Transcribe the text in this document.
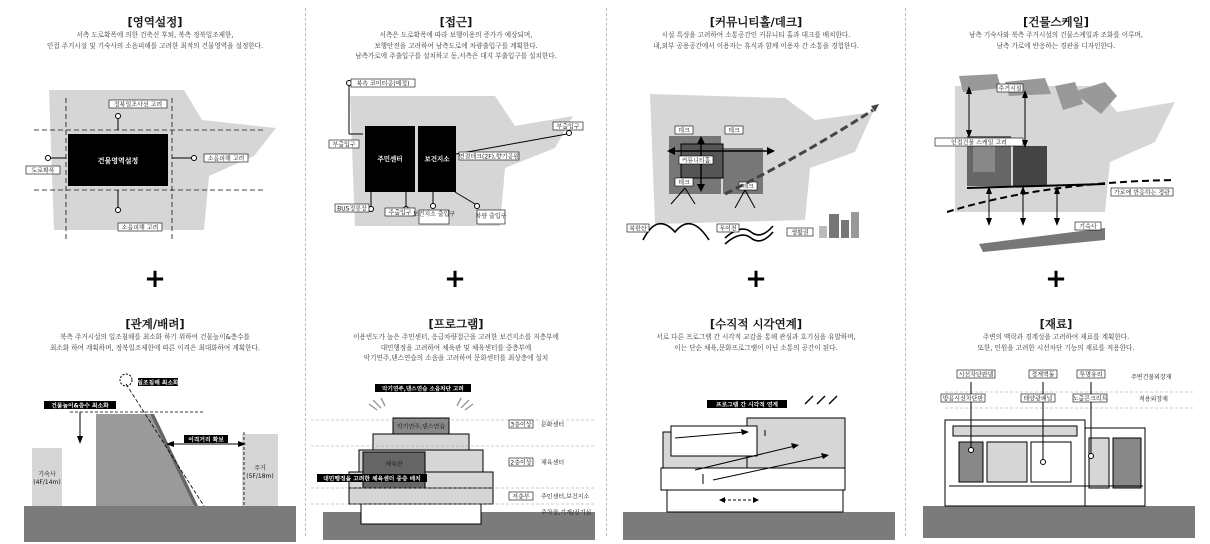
[영역설정]
서측 도로확폭에 의한 건축선 후퇴, 북측 정북일조제한,
인접 주거시설 및 기숙사의 소음피해를 고려한 최적의 건물영역을 설정한다.
건물영역설정
정북일조사선 고려
도로확폭
소음피해 고려
소음피해 고려
+
[접근]
서측은 도로확폭에 따라 보행이용의 증가가 예상되며,
보행안전을 고려하여 남측도로에 차량출입구를 계획한다.
남측가로에 주출입구를 설치하고 동,서측은 대지 부출입구를 설치한다.
주민센터	보건지소
북측 코미티공(예정)
부출입구
부출입구
연결데크(2F),향기공원
BUS정류장
주출입구 보건지소 출입구	차량 출입구
+
[커뮤니티홀/데크]
시설 특성을 고려하여 소통공간인 커뮤니티 홀과 데크를 배치한다.
내,외부 공용공간에서 이용자는 휴식과 함께 이용자 간 소통을 경험한다.
커뮤니티홀
데크	데크
데크
데크
북한산	우이천
생활권
+
[건물스케일]
남측 기숙사와 북측 주거시설의 건물스케일과 조화를 이루며,
남측 가로에 반응하는 경관을 디자인한다.
인접건물 스케일 고려
주거시설
가로에 반응하는 경관
기숙사
+
[관계/배려]
북측 주거시설의 일조침해를 최소화 하기 위하여 건물높이&층수를
최소화 하여 계획하며, 정북일조제한에 따른 이격은 최대화하여 계획한다.
기숙사
(4F/14m)
주거
(5F/18m)
일조침해 최소화
건물높이&층수 최소화
이격거리 확보
[프로그램]
이용빈도가 높은 주민센터, 응급차량접근을 고려한 보건지소를 저층부에
대민행정을 고려하여 체육관 및 체육센터를 중층부에
악기연주,댄스연습의 소음을 고려하여 문화센터를 최상층에 설치
악기연주,댄스연습
체육관
대민행정을 고려한 체육센터 중층 배치
악기연주,댄스연습 소음차단 고려
3층이상 문화센터
2층이상 체육센터
저층부 주민센터,보건지소
주차장,기계/전기실
[수직적 시각연계]
서로 다른 프로그램 간 시각적 교감을 통해 관심과 호기심을 유발하며,
이는 단순 체육,문화프로그램이 아닌 소통의 공간이 된다.
프로그램 간 시각적 연계
[재료]
주변의 맥락과 경계성을 고려하여 재료를 계획한다.
또한, 민원을 고려한 시선차단 기능의 재료를 적용한다.
시선차단판넬	경계벽돌	투명유리
방음시선차단판	태양광패널	노출콘크리트
주변건물외장재
적용외장재
